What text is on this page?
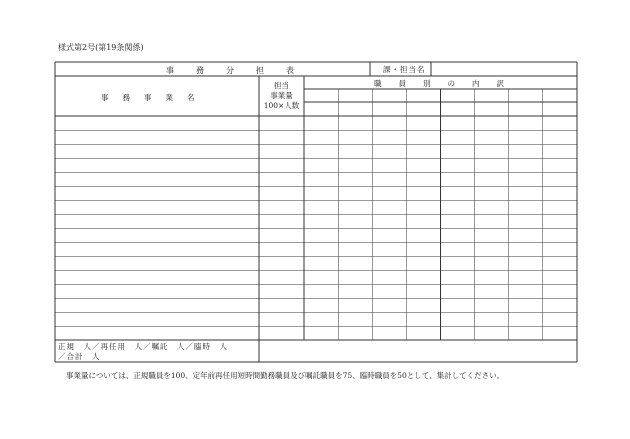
様式第2号(第19条関係)
事務分担表	課・担当名
事務事業名
担当
事業量
100×人数
職員別の内訳
正規　人／再任用　人／嘱託　人／臨時　人
／合計　人
事業量については、正規職員を100、定年前再任用短時間勤務職員及び嘱託職員を75、臨時職員を50として、集計してください。
